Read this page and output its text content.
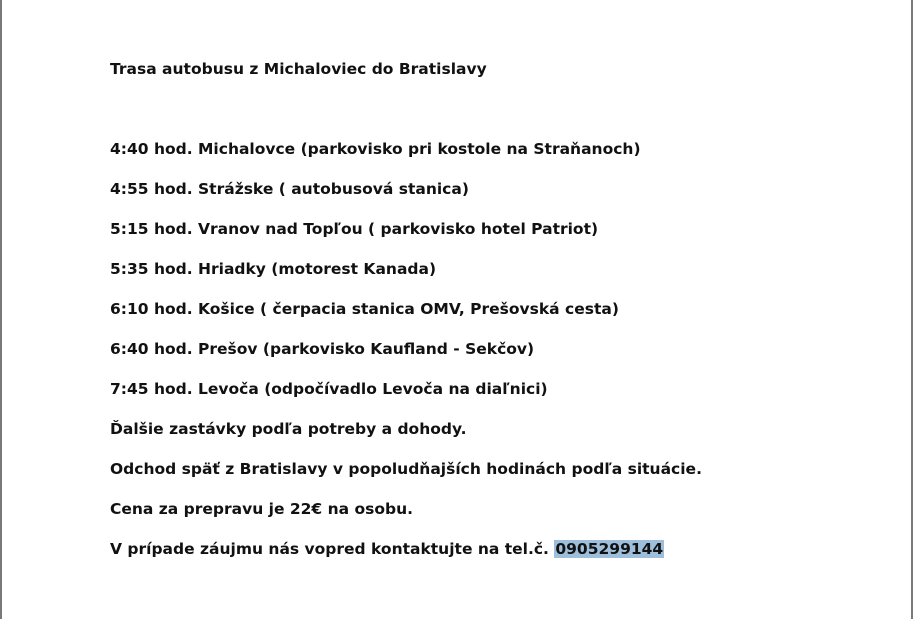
Trasa autobusu z Michaloviec do Bratislavy
4:40 hod. Michalovce (parkovisko pri kostole na Straňanoch)
4:55 hod. Strážske ( autobusová stanica)
5:15 hod. Vranov nad Topľou ( parkovisko hotel Patriot)
5:35 hod. Hriadky (motorest Kanada)
6:10 hod. Košice ( čerpacia stanica OMV, Prešovská cesta)
6:40 hod. Prešov (parkovisko Kaufland - Sekčov)
7:45 hod. Levoča (odpočívadlo Levoča na diaľnici)
Ďalšie zastávky podľa potreby a dohody.
Odchod späť z Bratislavy v popoludňajších hodinách podľa situácie.
Cena za prepravu je 22€ na osobu.
V prípade záujmu nás vopred kontaktujte na tel.č. 0905299144
